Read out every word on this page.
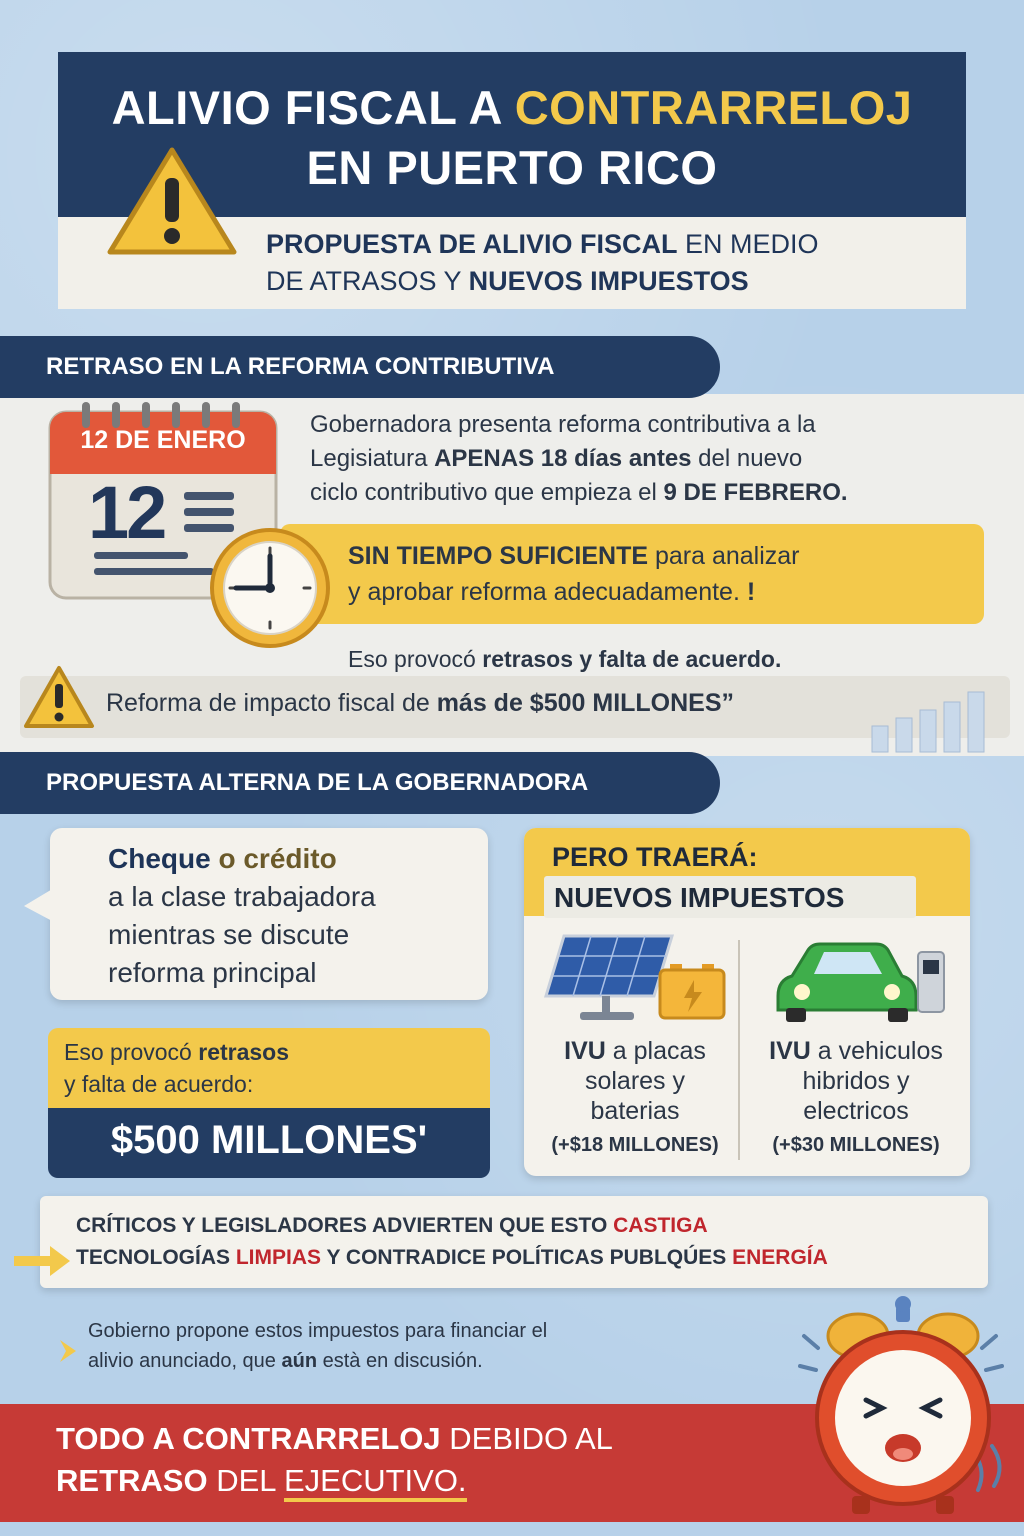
ALIVIO FISCAL A CONTRARRELOJ
EN PUERTO RICO
PROPUESTA DE ALIVIO FISCAL EN MEDIO
DE ATRASOS Y NUEVOS IMPUESTOS
RETRASO EN LA REFORMA CONTRIBUTIVA
12 DE ENERO
12
Gobernadora presenta reforma contributiva a la
Legisiatura APENAS 18 días antes del nuevo
ciclo contributivo que empieza el 9 DE FEBRERO.
SIN TIEMPO SUFICIENTE para analizar
y aprobar reforma adecuadamente. !
Eso provocó retrasos y falta de acuerdo.
Reforma de impacto fiscal de más de $500 MILLONES”
PROPUESTA ALTERNA DE LA GOBERNADORA
Cheque o crédito
a la clase trabajadora
mientras se discute
reforma principal
Eso provocó retrasos
y falta de acuerdo:
$500 MILLONES'
PERO TRAERÁ:
NUEVOS IMPUESTOS
IVU a placas
solares y
baterias
(+$18 MILLONES)
IVU a vehiculos
hibridos y
electricos
(+$30 MILLONES)
CRÍTICOS Y LEGISLADORES ADVIERTEN QUE ESTO CASTIGA
TECNOLOGÍAS LIMPIAS Y CONTRADICE POLÍTICAS PUBLQÚES ENERGÍA
Gobierno propone estos impuestos para financiar el
alivio anunciado, que aún està en discusión.
TODO A CONTRARRELOJ DEBIDO AL
RETRASO DEL EJECUTIVO.
